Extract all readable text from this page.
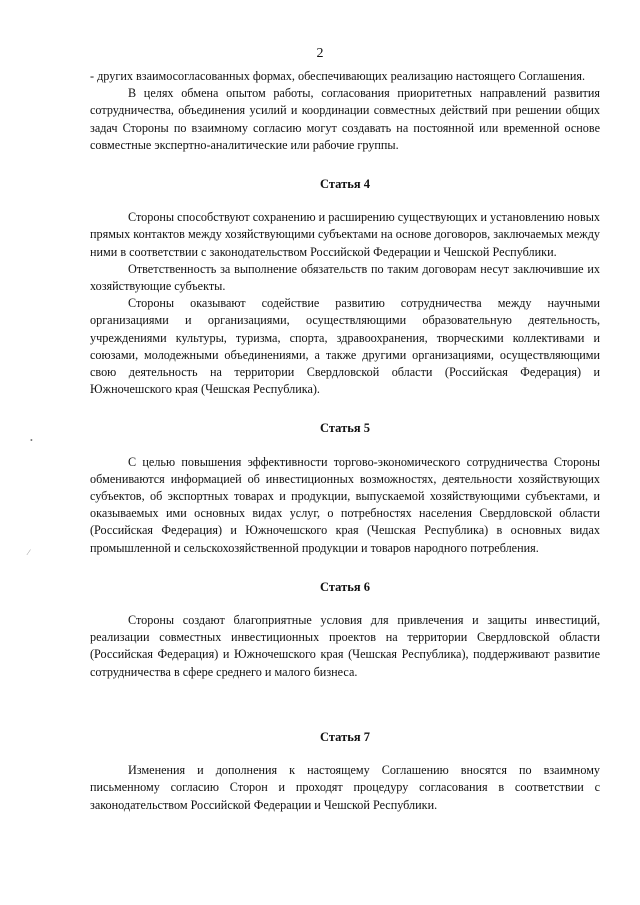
2
•
⁄

- других взаимосогласованных формах, обеспечивающих реализацию настоящего Соглашения.

В целях обмена опытом работы, согласования приоритетных направлений развития сотрудничества, объединения усилий и координации совместных действий при решении общих задач Стороны по взаимному согласию могут создавать на постоянной или временной основе совместные экспертно-аналитические или рабочие группы.

Статья 4

Стороны способствуют сохранению и расширению существующих и установлению новых прямых контактов между хозяйствующими субъектами на основе договоров, заключаемых между ними в соответствии с законодательством Российской Федерации и Чешской Республики.

Ответственность за выполнение обязательств по таким договорам несут заключившие их хозяйствующие субъекты.

Стороны оказывают содействие развитию сотрудничества между научными организациями и организациями, осуществляющими образовательную деятельность, учреждениями культуры, туризма, спорта, здравоохранения, творческими коллективами и союзами, молодежными объединениями, а также другими организациями, осуществляющими свою деятельность на территории Свердловской области (Российская Федерация) и Южночешского края (Чешская Республика).

Статья 5

С целью повышения эффективности торгово-экономического сотрудничества Стороны обмениваются информацией об инвестиционных возможностях, деятельности хозяйствующих субъектов, об экспортных товарах и продукции, выпускаемой хозяйствующими субъектами, и оказываемых ими основных видах услуг, о потребностях населения Свердловской области (Российская Федерация) и Южночешского края (Чешская Республика) в основных видах промышленной и сельскохозяйственной продукции и товаров народного потребления.

Статья 6

Стороны создают благоприятные условия для привлечения и защиты инвестиций, реализации совместных инвестиционных проектов на территории Свердловской области (Российская Федерация) и Южночешского края (Чешская Республика), поддерживают развитие сотрудничества в сфере среднего и малого бизнеса.

Статья 7

Изменения и дополнения к настоящему Соглашению вносятся по взаимному письменному согласию Сторон и проходят процедуру согласования в соответствии с законодательством Российской Федерации и Чешской Республики.
